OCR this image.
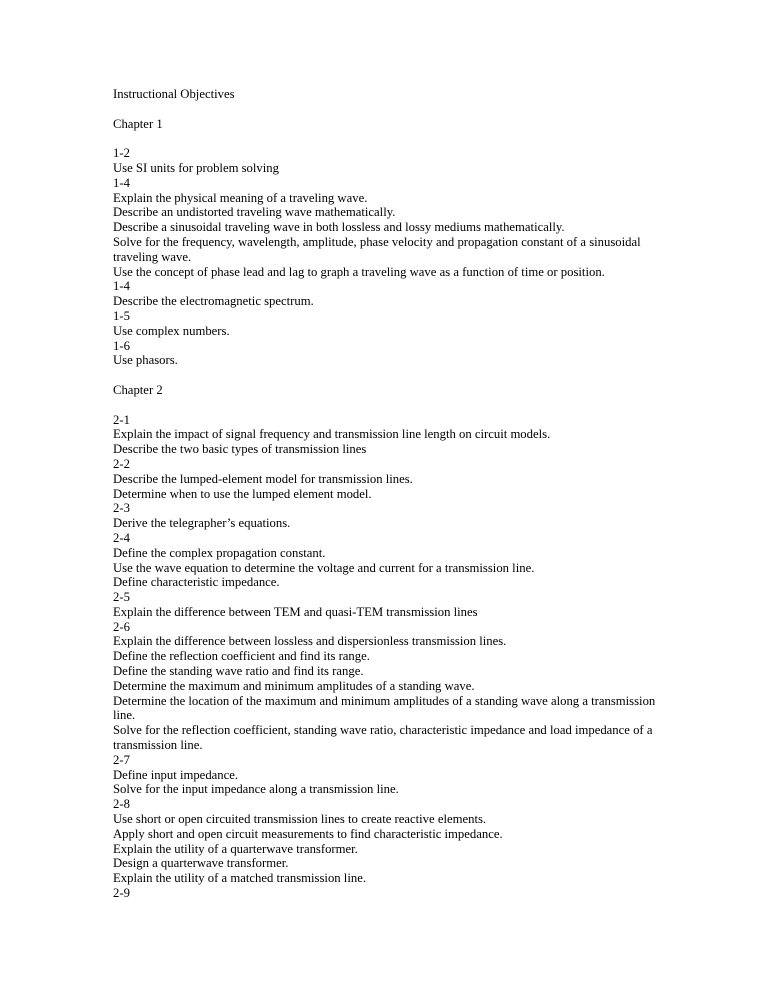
Instructional Objectives
Chapter 1
1-2
Use SI units for problem solving
1-4
Explain the physical meaning of a traveling wave.
Describe an undistorted traveling wave mathematically.
Describe a sinusoidal traveling wave in both lossless and lossy mediums mathematically.
Solve for the frequency, wavelength, amplitude, phase velocity and propagation constant of a sinusoidal
traveling wave.
Use the concept of phase lead and lag to graph a traveling wave as a function of time or position.
1-4
Describe the electromagnetic spectrum.
1-5
Use complex numbers.
1-6
Use phasors.
Chapter 2
2-1
Explain the impact of signal frequency and transmission line length on circuit models.
Describe the two basic types of transmission lines
2-2
Describe the lumped-element model for transmission lines.
Determine when to use the lumped element model.
2-3
Derive the telegrapher’s equations.
2-4
Define the complex propagation constant.
Use the wave equation to determine the voltage and current for a transmission line.
Define characteristic impedance.
2-5
Explain the difference between TEM and quasi-TEM transmission lines
2-6
Explain the difference between lossless and dispersionless transmission lines.
Define the reflection coefficient and find its range.
Define the standing wave ratio and find its range.
Determine the maximum and minimum amplitudes of a standing wave.
Determine the location of the maximum and minimum amplitudes of a standing wave along a transmission
line.
Solve for the reflection coefficient, standing wave ratio, characteristic impedance and load impedance of a
transmission line.
2-7
Define input impedance.
Solve for the input impedance along a transmission line.
2-8
Use short or open circuited transmission lines to create reactive elements.
Apply short and open circuit measurements to find characteristic impedance.
Explain the utility of a quarterwave transformer.
Design a quarterwave transformer.
Explain the utility of a matched transmission line.
2-9
